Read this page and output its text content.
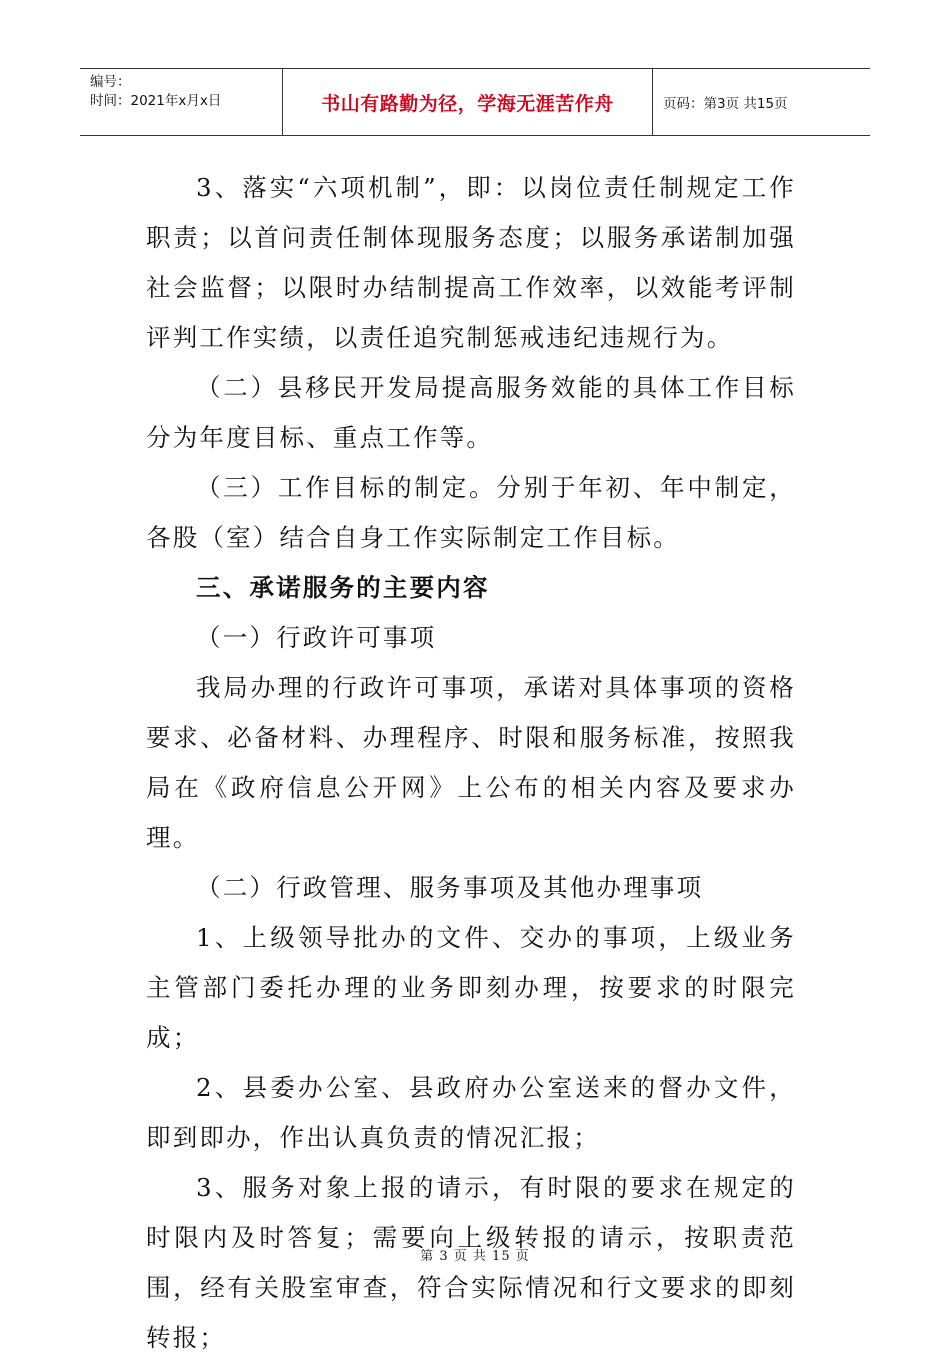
编号：
时间：2021年x月x日	书山有路勤为径，学海无涯苦作舟	页码：第3页 共15页

3、落实“六项机制”，即：以岗位责任制规定工作职责；以首问责任制体现服务态度；以服务承诺制加强社会监督；以限时办结制提高工作效率，以效能考评制评判工作实绩，以责任追究制惩戒违纪违规行为。

（二）县移民开发局提高服务效能的具体工作目标分为年度目标、重点工作等。

（三）工作目标的制定。分别于年初、年中制定，各股（室）结合自身工作实际制定工作目标。

三、承诺服务的主要内容

（一）行政许可事项

我局办理的行政许可事项，承诺对具体事项的资格要求、必备材料、办理程序、时限和服务标准，按照我局在《政府信息公开网》上公布的相关内容及要求办理。

（二）行政管理、服务事项及其他办理事项

1、上级领导批办的文件、交办的事项，上级业务主管部门委托办理的业务即刻办理，按要求的时限完成；

2、县委办公室、县政府办公室送来的督办文件，即到即办，作出认真负责的情况汇报；

3、服务对象上报的请示，有时限的要求在规定的时限内及时答复；需要向上级转报的请示，按职责范围，经有关股室审查，符合实际情况和行文要求的即刻转报；

第 3 页 共 15 页
